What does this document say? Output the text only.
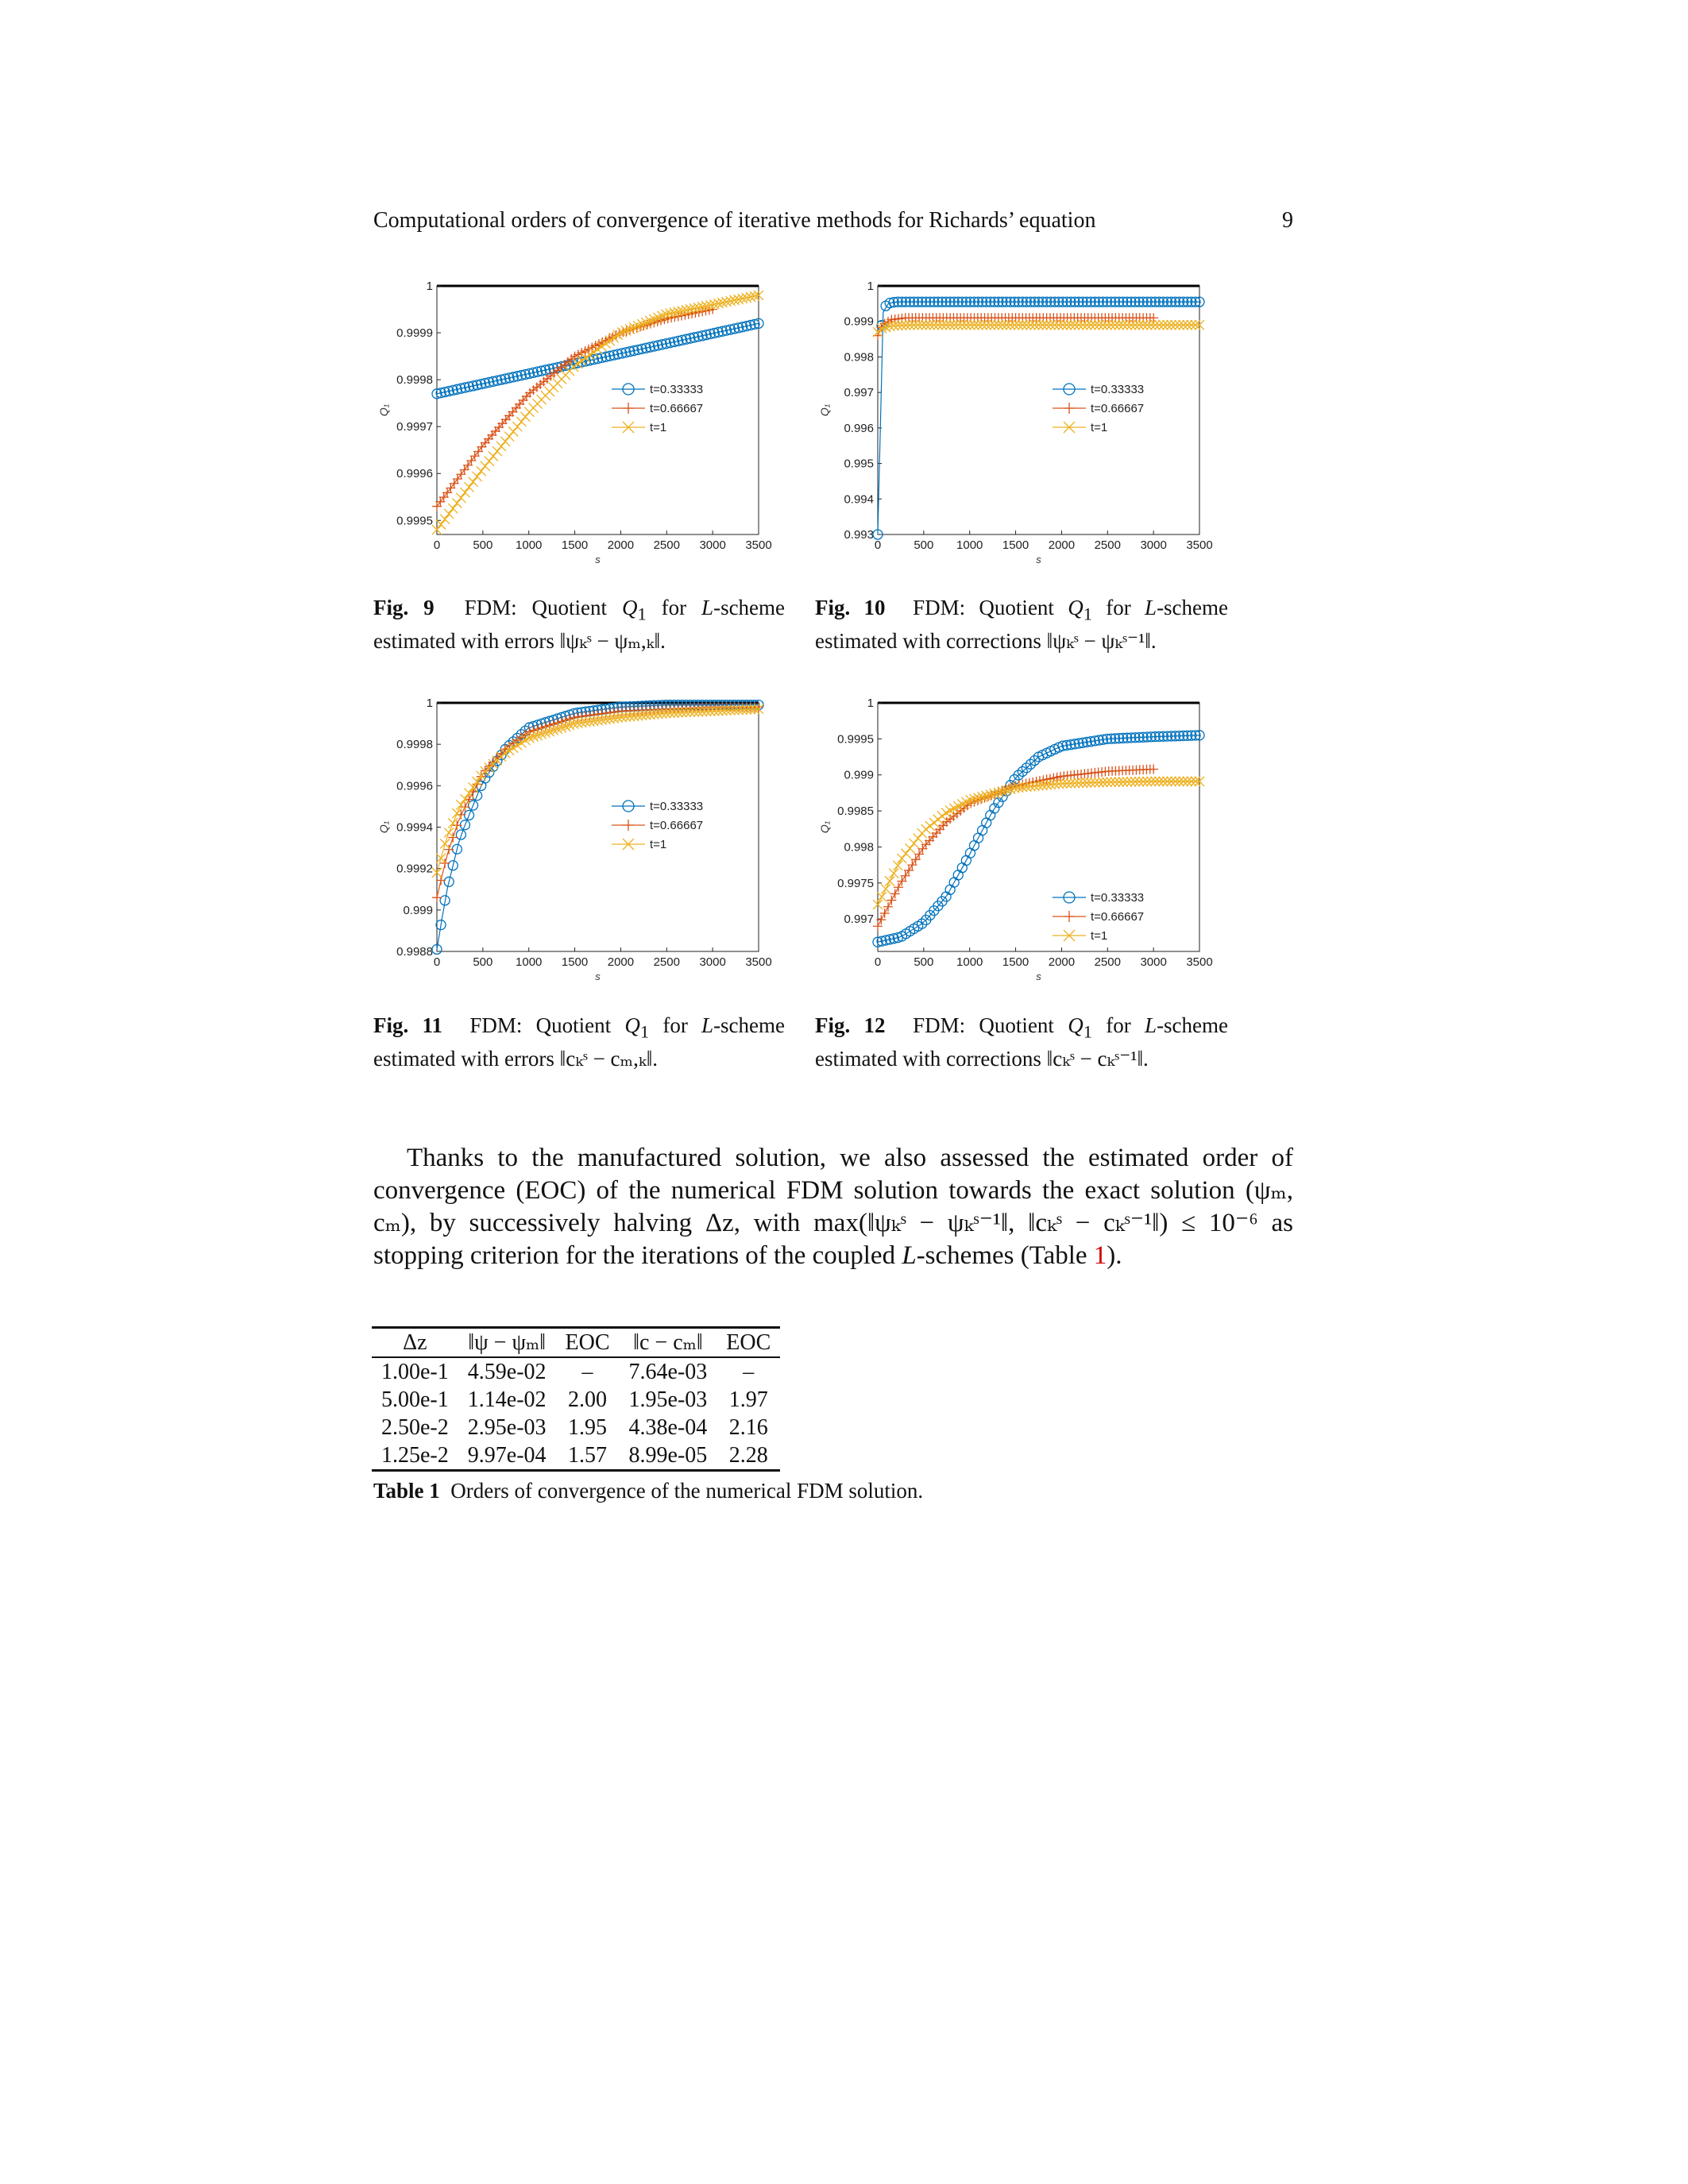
Computational orders of convergence of iterative methods for Richards’ equation	9
0	500 1000 1500 2000 2500 3000 3500
0.9995
0.9996
0.9997
0.9998
0.9999
1
s
Q₁
t=0.33333
t=0.66667
t=1
0	500 1000 1500 2000 2500 3000 3500
0.993
0.994
0.995
0.996
0.997
0.998
0.999
1
s
Q₁
t=0.33333
t=0.66667
t=1
0	500 1000 1500 2000 2500 3000 3500
0.9988
0.999
0.9992
0.9994
0.9996
0.9998
1
s
Q₁
t=0.33333
t=0.66667
t=1
0	500 1000 1500 2000 2500 3000 3500
0.997
0.9975
0.998
0.9985
0.999
0.9995
1
s
Q₁
t=0.33333
t=0.66667
t=1
Fig. 9 FDM: Quotient $Q_1$ for L-scheme estimated with errors ‖ψₖˢ − ψₘ,ₖ‖.
Fig. 10 FDM: Quotient $Q_1$ for L-scheme estimated with corrections ‖ψₖˢ − ψₖˢ⁻¹‖.
Fig. 11 FDM: Quotient $Q_1$ for L-scheme estimated with errors ‖cₖˢ − cₘ,ₖ‖.
Fig. 12 FDM: Quotient $Q_1$ for L-scheme estimated with corrections ‖cₖˢ − cₖˢ⁻¹‖.
Thanks to the manufactured solution, we also assessed the estimated order of convergence (EOC) of the numerical FDM solution towards the exact solution (ψₘ, cₘ), by successively halving Δz, with max(‖ψₖˢ − ψₖˢ⁻¹‖, ‖cₖˢ − cₖˢ⁻¹‖) ≤ 10⁻⁶ as stopping criterion for the iterations of the coupled L-schemes (Table 1).
Δz	‖ψ − ψₘ‖	EOC	‖c − cₘ‖	EOC
1.00e-1	4.59e-02	–	7.64e-03	–
5.00e-1	1.14e-02	2.00	1.95e-03	1.97
2.50e-2	2.95e-03	1.95	4.38e-04	2.16
1.25e-2	9.97e-04	1.57	8.99e-05	2.28
Table 1 Orders of convergence of the numerical FDM solution.
